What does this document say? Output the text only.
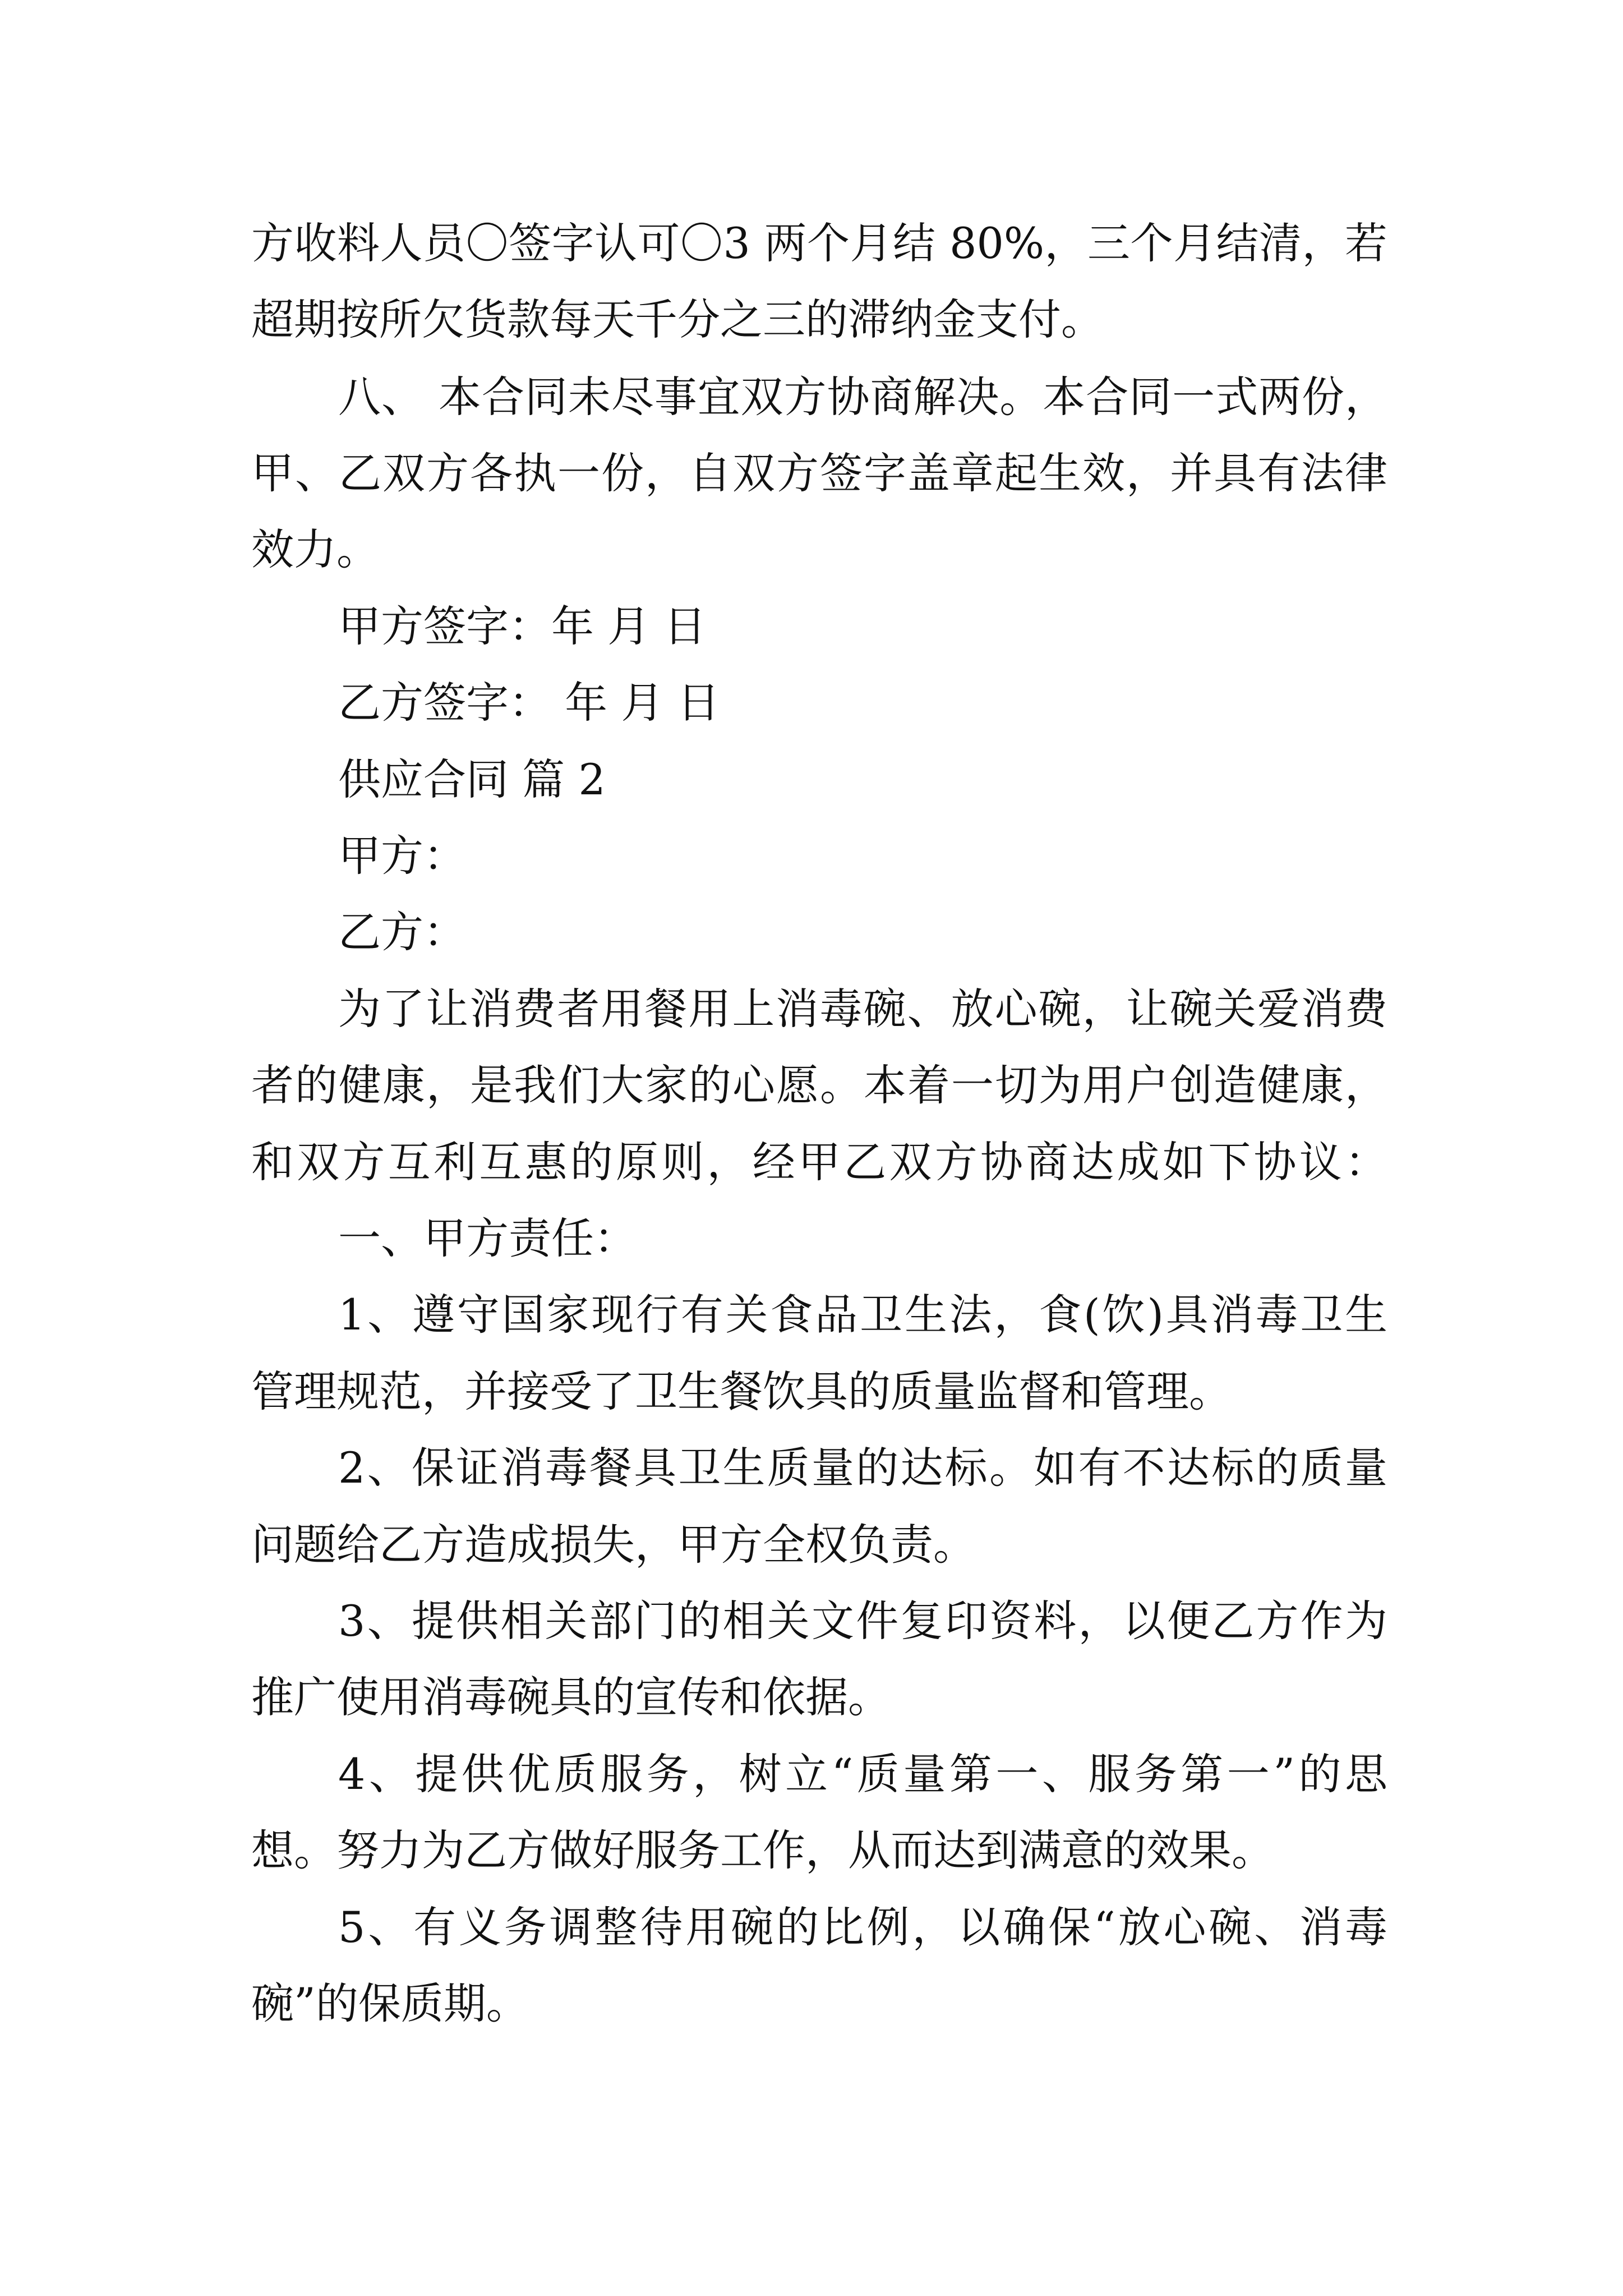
方收料人员〇签字认可〇3 两个月结 80%，三个月结清，若
超期按所欠货款每天千分之三的滞纳金支付。
八、 本合同未尽事宜双方协商解决。本合同一式两份，
甲、乙双方各执一份，自双方签字盖章起生效，并具有法律
效力。
甲方签字：年 月 日
乙方签字： 年 月 日
供应合同 篇 2
甲方：
乙方：
为了让消费者用餐用上消毒碗、放心碗，让碗关爱消费
者的健康，是我们大家的心愿。本着一切为用户创造健康，
和双方互利互惠的原则，经甲乙双方协商达成如下协议：
一、甲方责任：
1、遵守国家现行有关食品卫生法，食(饮)具消毒卫生
管理规范，并接受了卫生餐饮具的质量监督和管理。
2、保证消毒餐具卫生质量的达标。如有不达标的质量
问题给乙方造成损失，甲方全权负责。
3、提供相关部门的相关文件复印资料，以便乙方作为
推广使用消毒碗具的宣传和依据。
4、提供优质服务，树立“质量第一、服务第一”的思
想。努力为乙方做好服务工作，从而达到满意的效果。
5、有义务调整待用碗的比例，以确保“放心碗、消毒
碗”的保质期。
